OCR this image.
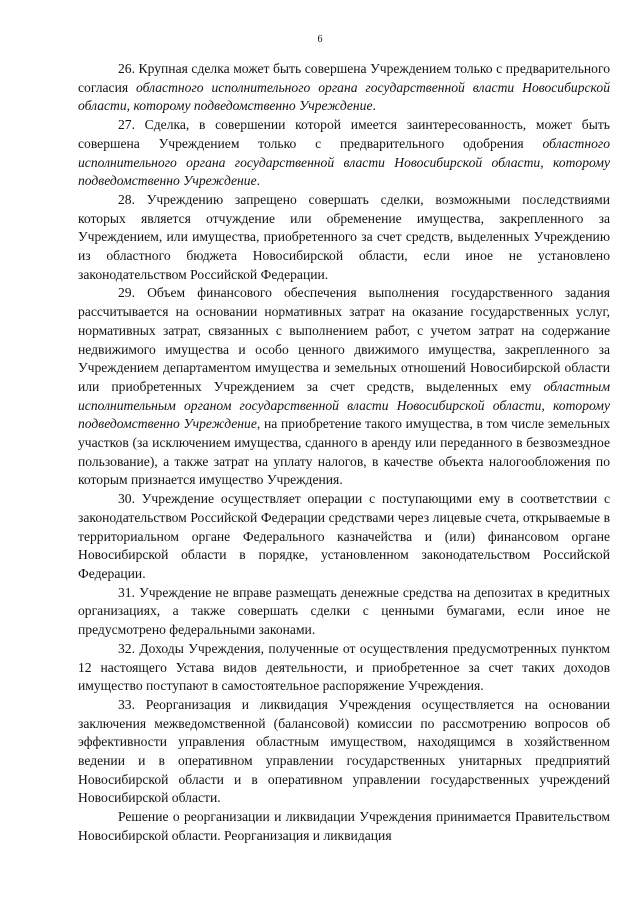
6

26. Крупная сделка может быть совершена Учреждением только с предварительного согласия областного исполнительного органа государственной власти Новосибирской области, которому подведомственно Учреждение.

27. Сделка, в совершении которой имеется заинтересованность, может быть совершена Учреждением только с предварительного одобрения областного исполнительного органа государственной власти Новосибирской области, которому подведомственно Учреждение.

28. Учреждению запрещено совершать сделки, возможными последствиями которых является отчуждение или обременение имущества, закрепленного за Учреждением, или имущества, приобретенного за счет средств, выделенных Учреждению из областного бюджета Новосибирской области, если иное не установлено законодательством Российской Федерации.

29. Объем финансового обеспечения выполнения государственного задания рассчитывается на основании нормативных затрат на оказание государственных услуг, нормативных затрат, связанных с выполнением работ, с учетом затрат на содержание недвижимого имущества и особо ценного движимого имущества, закрепленного за Учреждением департаментом имущества и земельных отношений Новосибирской области или приобретенных Учреждением за счет средств, выделенных ему областным исполнительным органом государственной власти Новосибирской области, которому подведомственно Учреждение, на приобретение такого имущества, в том числе земельных участков (за исключением имущества, сданного в аренду или переданного в безвозмездное пользование), а также затрат на уплату налогов, в качестве объекта налогообложения по которым признается имущество Учреждения.

30. Учреждение осуществляет операции с поступающими ему в соответствии с законодательством Российской Федерации средствами через лицевые счета, открываемые в территориальном органе Федерального казначейства и (или) финансовом органе Новосибирской области в порядке, установленном законодательством Российской Федерации.

31. Учреждение не вправе размещать денежные средства на депозитах в кредитных организациях, а также совершать сделки с ценными бумагами, если иное не предусмотрено федеральными законами.

32. Доходы Учреждения, полученные от осуществления предусмотренных пунктом 12 настоящего Устава видов деятельности, и приобретенное за счет таких доходов имущество поступают в самостоятельное распоряжение Учреждения.

33. Реорганизация и ликвидация Учреждения осуществляется на основании заключения межведомственной (балансовой) комиссии по рассмотрению вопросов об эффективности управления областным имуществом, находящимся в хозяйственном ведении и в оперативном управлении государственных унитарных предприятий Новосибирской области и в оперативном управлении государственных учреждений Новосибирской области.

Решение о реорганизации и ликвидации Учреждения принимается Правительством Новосибирской области. Реорганизация и ликвидация
